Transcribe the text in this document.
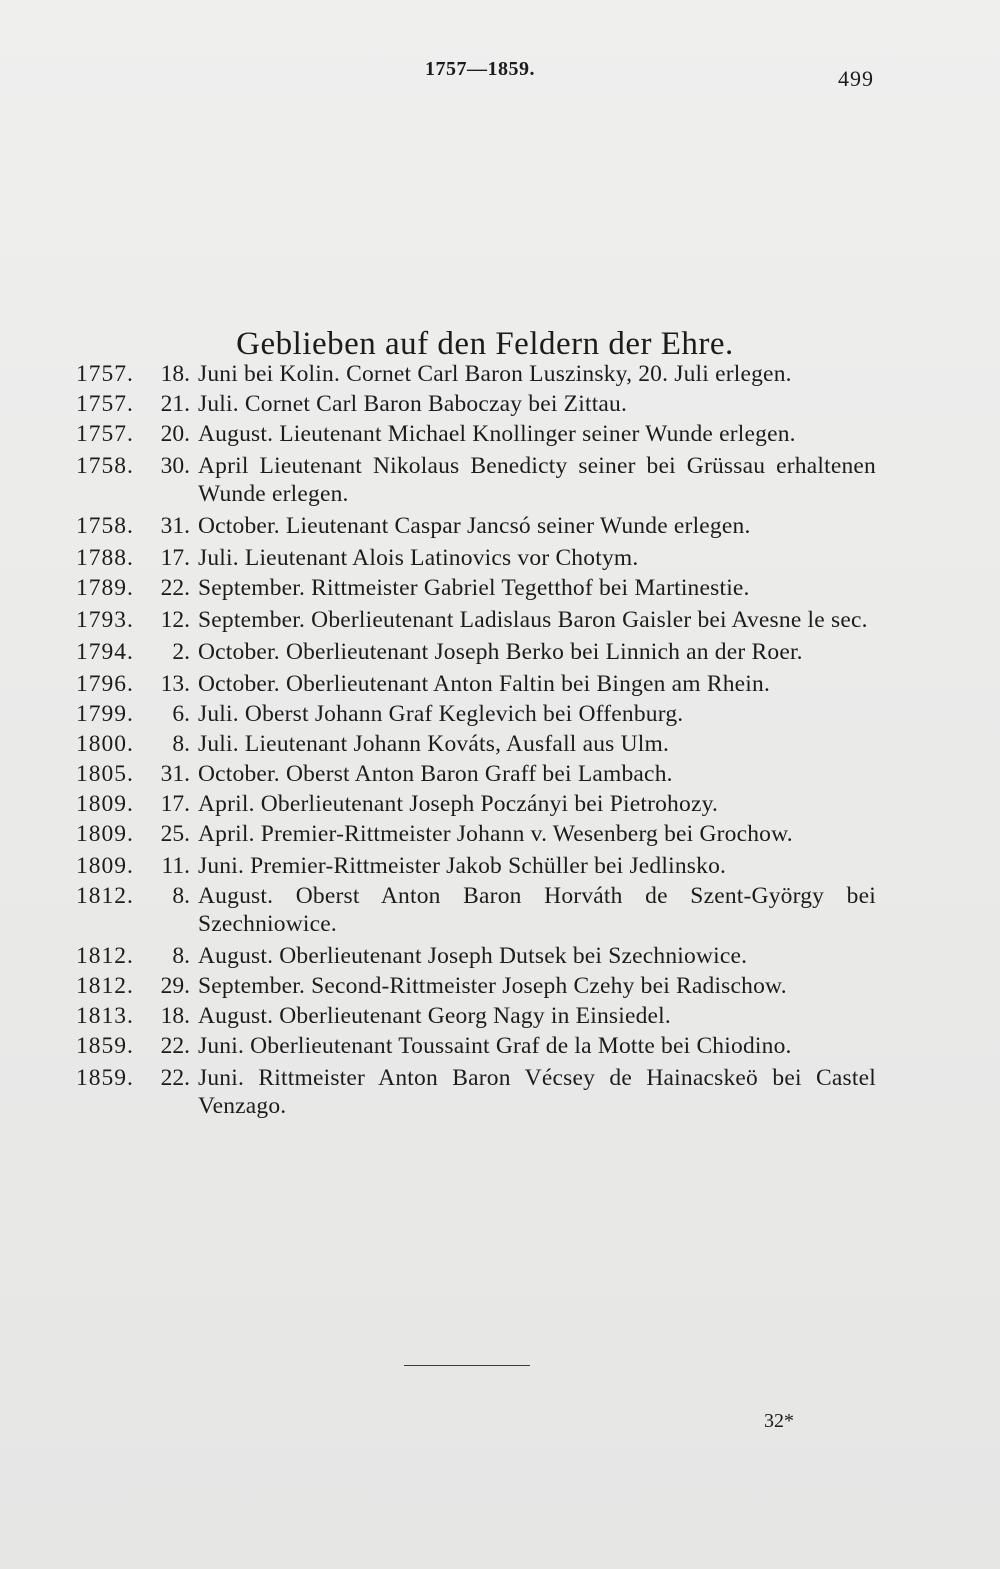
1757—1859.	499
Geblieben auf den Feldern der Ehre.
1757.	18. Juni bei Kolin. Cornet Carl Baron Luszinsky, 20. Juli erlegen.
1757.	21. Juli. Cornet Carl Baron Baboczay bei Zittau.
1757.	20. August. Lieutenant Michael Knollinger seiner Wunde erlegen.
1758.	30. April Lieutenant Nikolaus Benedicty seiner bei Grüssau erhaltenen Wunde erlegen.
1758.	31. October. Lieutenant Caspar Jancsó seiner Wunde erlegen.
1788.	17. Juli. Lieutenant Alois Latinovics vor Chotym.
1789.	22. September. Rittmeister Gabriel Tegetthof bei Martinestie.
1793.	12. September. Oberlieutenant Ladislaus Baron Gaisler bei Avesne le sec.
1794.	2. October. Oberlieutenant Joseph Berko bei Linnich an der Roer.
1796.	13. October. Oberlieutenant Anton Faltin bei Bingen am Rhein.
1799.	6. Juli. Oberst Johann Graf Keglevich bei Offenburg.
1800.	8. Juli. Lieutenant Johann Kováts, Ausfall aus Ulm.
1805.	31. October. Oberst Anton Baron Graff bei Lambach.
1809.	17. April. Oberlieutenant Joseph Poczányi bei Pietrohozy.
1809.	25. April. Premier-Rittmeister Johann v. Wesenberg bei Grochow.
1809.	11. Juni. Premier-Rittmeister Jakob Schüller bei Jedlinsko.
1812.	8. August. Oberst Anton Baron Horváth de Szent-György bei Szechniowice.
1812.	8. August. Oberlieutenant Joseph Dutsek bei Szechniowice.
1812.	29. September. Second-Rittmeister Joseph Czehy bei Radischow.
1813.	18. August. Oberlieutenant Georg Nagy in Einsiedel.
1859.	22. Juni. Oberlieutenant Toussaint Graf de la Motte bei Chiodino.
1859.	22. Juni. Rittmeister Anton Baron Vécsey de Hainacskeö bei Castel Venzago.
32*
